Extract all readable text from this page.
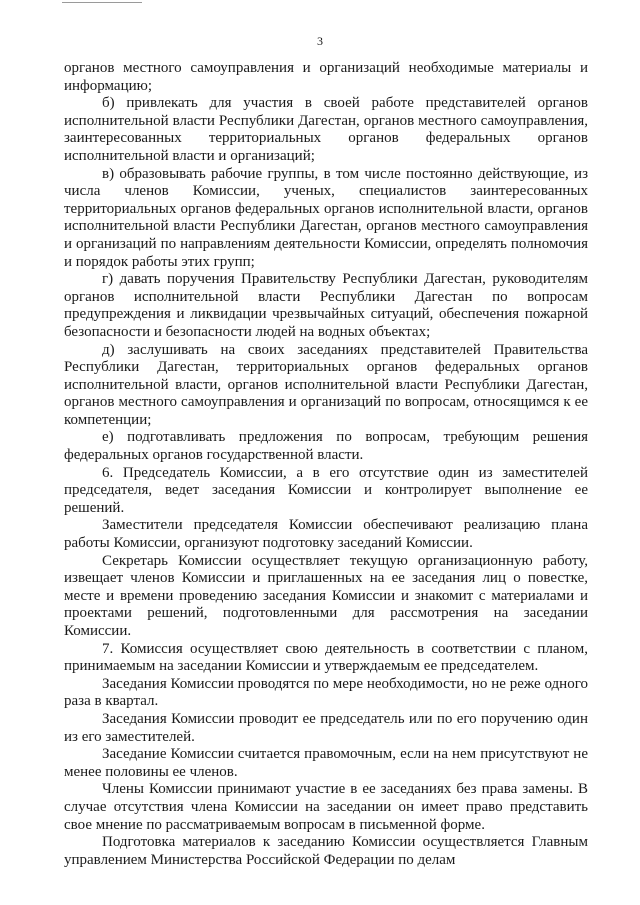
3

органов местного самоуправления и организаций необходимые материалы и информацию;

б) привлекать для участия в своей работе представителей органов исполнительной власти Республики Дагестан, органов местного самоуправления, заинтересованных территориальных органов федеральных органов исполнительной власти и организаций;

в) образовывать рабочие группы, в том числе постоянно действующие, из числа членов Комиссии, ученых, специалистов заинтересованных территориальных органов федеральных органов исполнительной власти, органов исполнительной власти Республики Дагестан, органов местного самоуправления и организаций по направлениям деятельности Комиссии, определять полномочия и порядок работы этих групп;

г) давать поручения Правительству Республики Дагестан, руководителям органов исполнительной власти Республики Дагестан по вопросам предупреждения и ликвидации чрезвычайных ситуаций, обеспечения пожарной безопасности и безопасности людей на водных объектах;

д) заслушивать на своих заседаниях представителей Правительства Республики Дагестан, территориальных органов федеральных органов исполнительной власти, органов исполнительной власти Республики Дагестан, органов местного самоуправления и организаций по вопросам, относящимся к ее компетенции;

е) подготавливать предложения по вопросам, требующим решения федеральных органов государственной власти.

6. Председатель Комиссии, а в его отсутствие один из заместителей председателя, ведет заседания Комиссии и контролирует выполнение ее решений.

Заместители председателя Комиссии обеспечивают реализацию плана работы Комиссии, организуют подготовку заседаний Комиссии.

Секретарь Комиссии осуществляет текущую организационную работу, извещает членов Комиссии и приглашенных на ее заседания лиц о повестке, месте и времени проведению заседания Комиссии и знакомит с материалами и проектами решений, подготовленными для рассмотрения на заседании Комиссии.

7. Комиссия осуществляет свою деятельность в соответствии с планом, принимаемым на заседании Комиссии и утверждаемым ее председателем.

Заседания Комиссии проводятся по мере необходимости, но не реже одного раза в квартал.

Заседания Комиссии проводит ее председатель или по его поручению один из его заместителей.

Заседание Комиссии считается правомочным, если на нем присутствуют не менее половины ее членов.

Члены Комиссии принимают участие в ее заседаниях без права замены. В случае отсутствия члена Комиссии на заседании он имеет право представить свое мнение по рассматриваемым вопросам в письменной форме.

Подготовка материалов к заседанию Комиссии осуществляется Главным управлением Министерства Российской Федерации по делам
